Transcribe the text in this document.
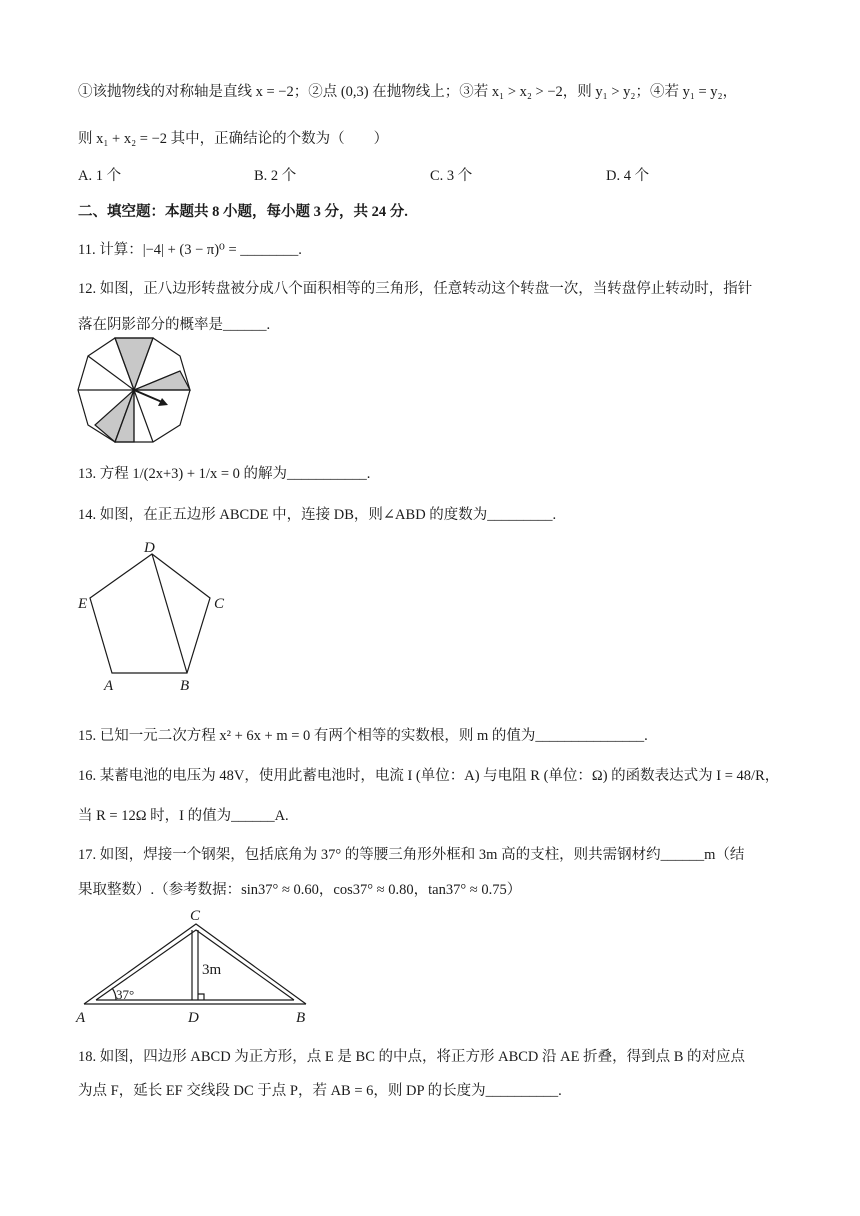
①该抛物线的对称轴是直线 x = −2；②点 (0,3) 在抛物线上；③若 x₁ > x₂ > −2，则 y₁ > y₂；④若 y₁ = y₂，
则 x₁ + x₂ = −2 其中，正确结论的个数为（　　）
A. 1 个	B. 2 个	C. 3 个	D. 4 个
二、填空题：本题共 8 小题，每小题 3 分，共 24 分.
11. 计算：|−4| + (3 − π)⁰ = ________.
12. 如图，正八边形转盘被分成八个面积相等的三角形，任意转动这个转盘一次，当转盘停止转动时，指针
落在阴影部分的概率是______.
13. 方程 1/(2x+3) + 1/x = 0 的解为___________.
14. 如图，在正五边形 ABCDE 中，连接 DB，则∠ABD 的度数为_________.
D
C
E
A	B
15. 已知一元二次方程 x² + 6x + m = 0 有两个相等的实数根，则 m 的值为_______________.
16. 某蓄电池的电压为 48V，使用此蓄电池时，电流 I (单位：A) 与电阻 R (单位：Ω) 的函数表达式为 I = 48/R，
当 R = 12Ω 时，I 的值为______A.
17. 如图，焊接一个钢架，包括底角为 37° 的等腰三角形外框和 3m 高的支柱，则共需钢材约______m（结
果取整数）.（参考数据：sin37° ≈ 0.60，cos37° ≈ 0.80，tan37° ≈ 0.75）
C
3m
37°
A	D	B
18. 如图，四边形 ABCD 为正方形，点 E 是 BC 的中点，将正方形 ABCD 沿 AE 折叠，得到点 B 的对应点
为点 F，延长 EF 交线段 DC 于点 P，若 AB = 6，则 DP 的长度为__________.
